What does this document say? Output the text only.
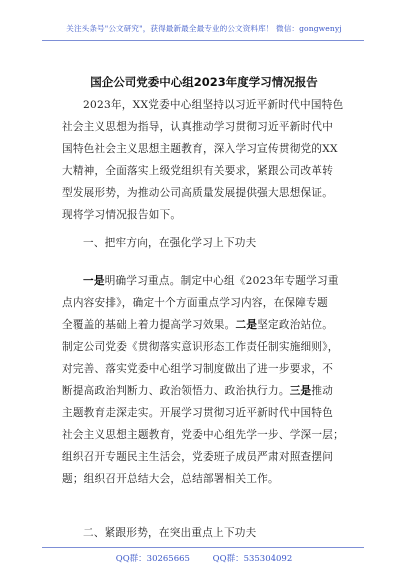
关注头条号"公文研究"，获得最新最全最专业的公文资料库！ 微信：gongwenyj
国企公司党委中心组2023年度学习情况报告
2023年，XX党委中心组坚持以习近平新时代中国特色
社会主义思想为指导，认真推动学习贯彻习近平新时代中
国特色社会主义思想主题教育，深入学习宣传贯彻党的XX
大精神，全面落实上级党组织有关要求，紧跟公司改革转
型发展形势，为推动公司高质量发展提供强大思想保证。
现将学习情况报告如下。
一、把牢方向，在强化学习上下功夫
一是明确学习重点。制定中心组《2023年专题学习重
点内容安排》，确定十个方面重点学习内容，在保障专题
全覆盖的基础上着力提高学习效果。二是坚定政治站位。
制定公司党委《贯彻落实意识形态工作责任制实施细则》，
对完善、落实党委中心组学习制度做出了进一步要求，不
断提高政治判断力、政治领悟力、政治执行力。三是推动
主题教育走深走实。开展学习贯彻习近平新时代中国特色
社会主义思想主题教育，党委中心组先学一步、学深一层；
组织召开专题民主生活会，党委班子成员严肃对照查摆问
题；组织召开总结大会，总结部署相关工作。
二、紧跟形势，在突出重点上下功夫
QQ群：30265665	QQ群：535304092
